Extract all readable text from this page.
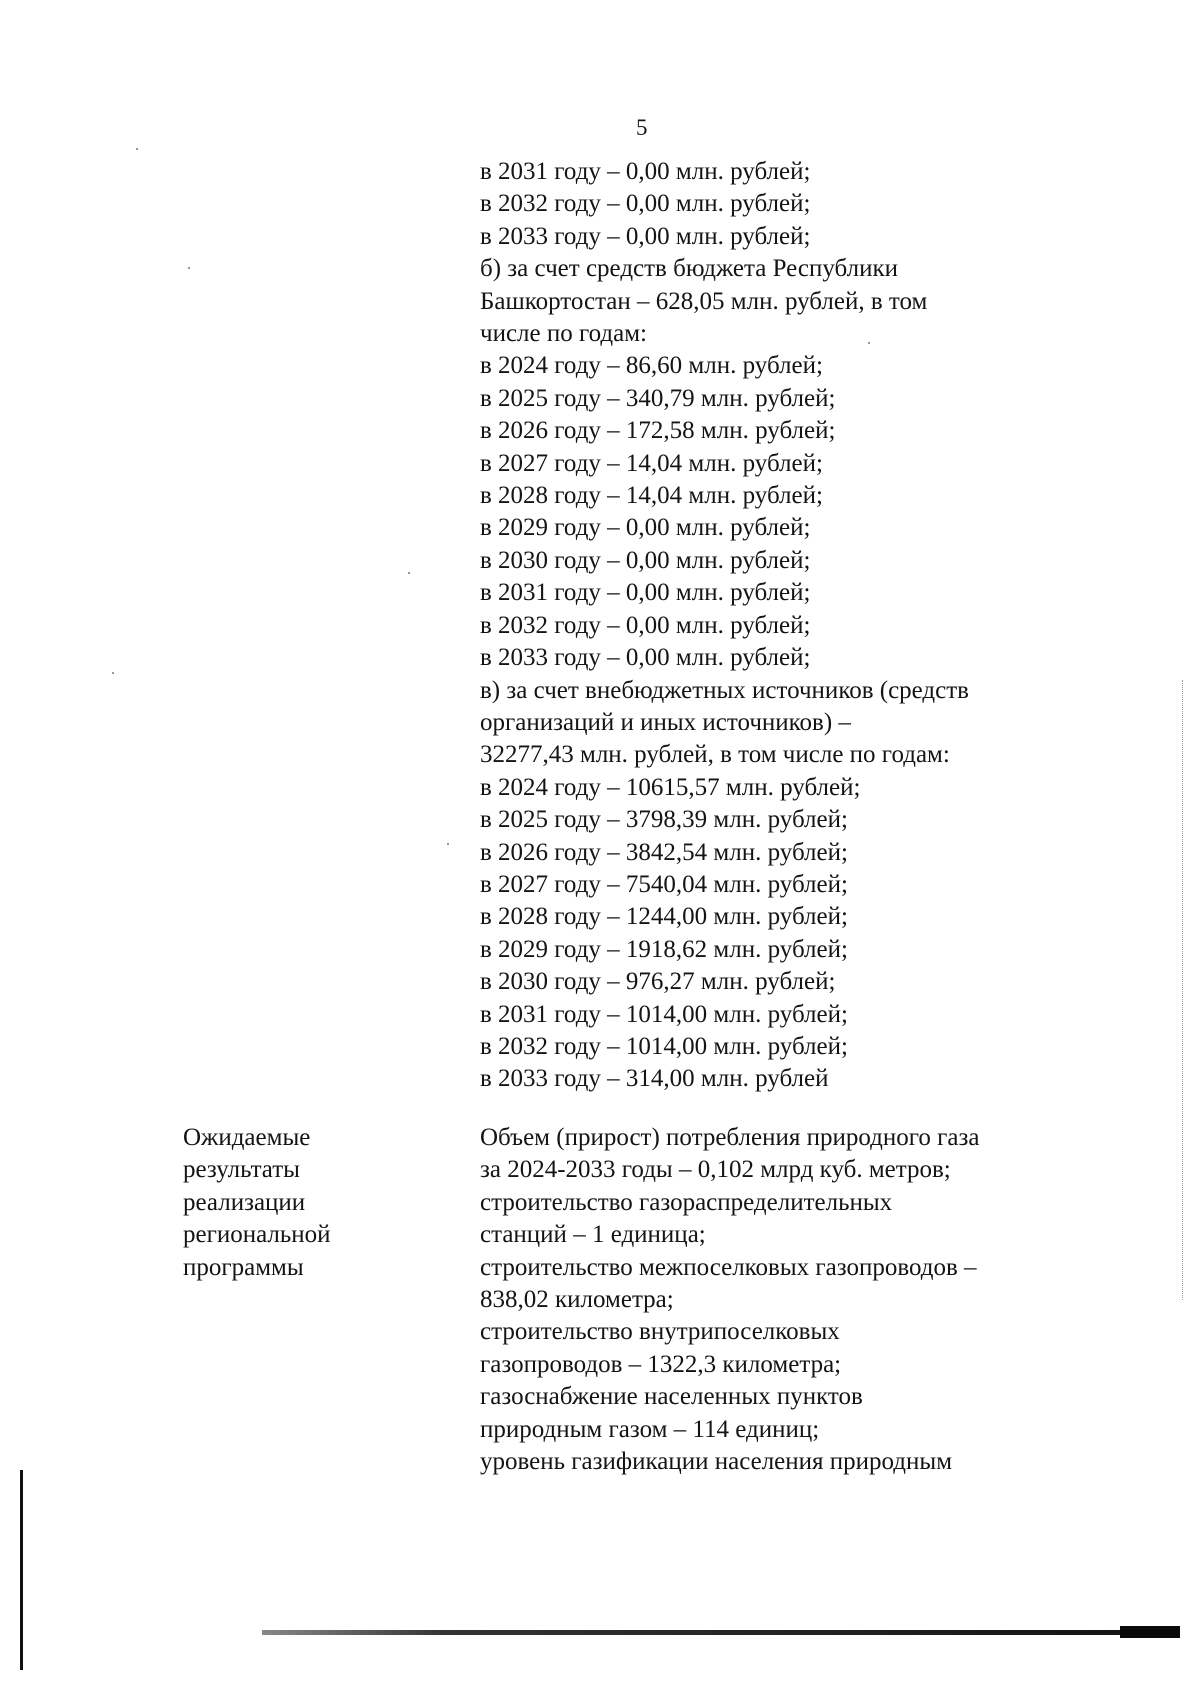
5
в 2031 году – 0,00 млн. рублей;
в 2032 году – 0,00 млн. рублей;
в 2033 году – 0,00 млн. рублей;
б) за счет средств бюджета Республики
Башкортостан – 628,05 млн. рублей, в том
числе по годам:
в 2024 году – 86,60 млн. рублей;
в 2025 году – 340,79 млн. рублей;
в 2026 году – 172,58 млн. рублей;
в 2027 году – 14,04 млн. рублей;
в 2028 году – 14,04 млн. рублей;
в 2029 году – 0,00 млн. рублей;
в 2030 году – 0,00 млн. рублей;
в 2031 году – 0,00 млн. рублей;
в 2032 году – 0,00 млн. рублей;
в 2033 году – 0,00 млн. рублей;
в) за счет внебюджетных источников (средств
организаций и иных источников) –
32277,43 млн. рублей, в том числе по годам:
в 2024 году – 10615,57 млн. рублей;
в 2025 году – 3798,39 млн. рублей;
в 2026 году – 3842,54 млн. рублей;
в 2027 году – 7540,04 млн. рублей;
в 2028 году – 1244,00 млн. рублей;
в 2029 году – 1918,62 млн. рублей;
в 2030 году – 976,27 млн. рублей;
в 2031 году – 1014,00 млн. рублей;
в 2032 году – 1014,00 млн. рублей;
в 2033 году – 314,00 млн. рублей
Ожидаемые
результаты
реализации
региональной
программы
Объем (прирост) потребления природного газа
за 2024-2033 годы – 0,102 млрд куб. метров;
строительство газораспределительных
станций – 1 единица;
строительство межпоселковых газопроводов –
838,02 километра;
строительство внутрипоселковых
газопроводов – 1322,3 километра;
газоснабжение населенных пунктов
природным газом – 114 единиц;
уровень газификации населения природным
